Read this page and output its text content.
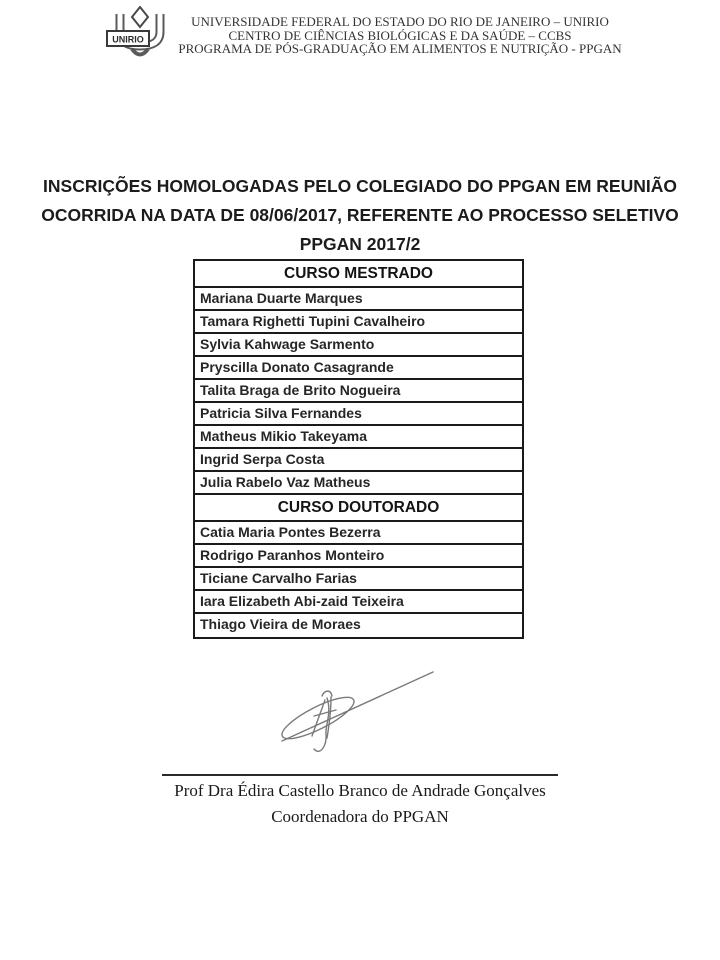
UNIRIO
UNIVERSIDADE FEDERAL DO ESTADO DO RIO DE JANEIRO – UNIRIO
CENTRO DE CIÊNCIAS BIOLÓGICAS E DA SAÚDE – CCBS
PROGRAMA DE PÓS-GRADUAÇÃO EM ALIMENTOS E NUTRIÇÃO - PPGAN
INSCRIÇÕES HOMOLOGADAS PELO COLEGIADO DO PPGAN EM REUNIÃO
OCORRIDA NA DATA DE 08/06/2017, REFERENTE AO PROCESSO SELETIVO
PPGAN 2017/2
CURSO MESTRADO
Mariana Duarte Marques
Tamara Righetti Tupini Cavalheiro
Sylvia Kahwage Sarmento
Pryscilla Donato Casagrande
Talita Braga de Brito Nogueira
Patricia Silva Fernandes
Matheus Mikio Takeyama
Ingrid Serpa Costa
Julia Rabelo Vaz Matheus
CURSO DOUTORADO
Catia Maria Pontes Bezerra
Rodrigo Paranhos Monteiro
Ticiane Carvalho Farias
Iara Elizabeth Abi-zaid Teixeira
Thiago Vieira de Moraes
Prof Dra Édira Castello Branco de Andrade Gonçalves
Coordenadora do PPGAN
